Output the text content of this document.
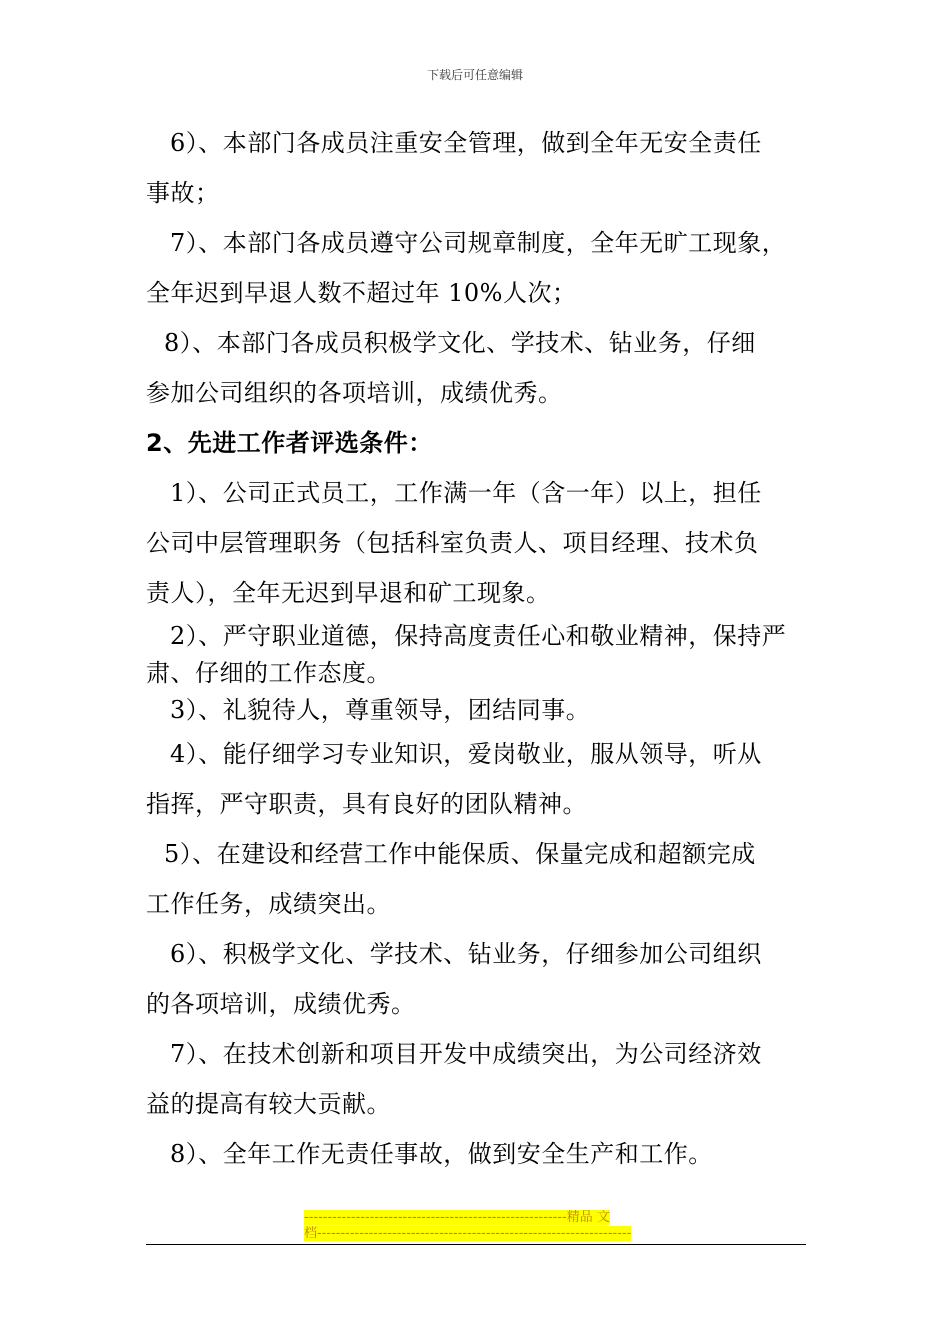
下载后可任意编辑
6）、本部门各成员注重安全管理，做到全年无安全责任
事故；
7）、本部门各成员遵守公司规章制度，全年无旷工现象，
全年迟到早退人数不超过年 10%人次；
8）、本部门各成员积极学文化、学技术、钻业务，仔细
参加公司组织的各项培训，成绩优秀。
2、先进工作者评选条件：
1）、公司正式员工，工作满一年（含一年）以上，担任
公司中层管理职务（包括科室负责人、项目经理、技术负
责人），全年无迟到早退和矿工现象。
2）、严守职业道德，保持高度责任心和敬业精神，保持严
肃、仔细的工作态度。
3）、礼貌待人，尊重领导，团结同事。
4）、能仔细学习专业知识，爱岗敬业，服从领导，听从
指挥，严守职责，具有良好的团队精神。
5）、在建设和经营工作中能保质、保量完成和超额完成
工作任务，成绩突出。
6）、积极学文化、学技术、钻业务，仔细参加公司组织
的各项培训，成绩优秀。
7）、在技术创新和项目开发中成绩突出，为公司经济效
益的提高有较大贡献。
8）、全年工作无责任事故，做到安全生产和工作。
--------------------------------------------------------精品 文
档-------------------------------------------------------------------
